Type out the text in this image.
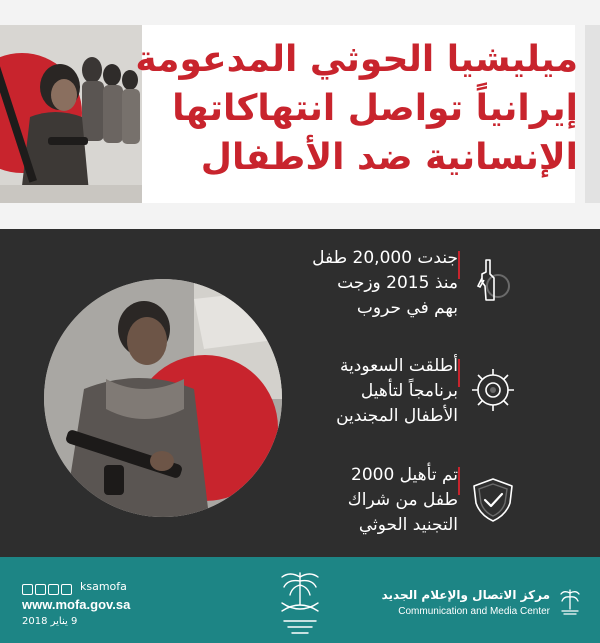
ميليشيا الحوثي المدعومة
إيرانياً تواصل انتهاكاتها
الإنسانية ضد الأطفال
جندت 20,000 طفل
منذ 2015 وزجت
بهم في حروب
أطلقت السعودية
برنامجاً لتأهيل
الأطفال المجندين
تم تأهيل 2000
طفل من شراك
التجنيد الحوثي
ksamofa
www.mofa.gov.sa
9 يناير 2018
مركز الاتصال والإعلام الجديد
Communication and Media Center
